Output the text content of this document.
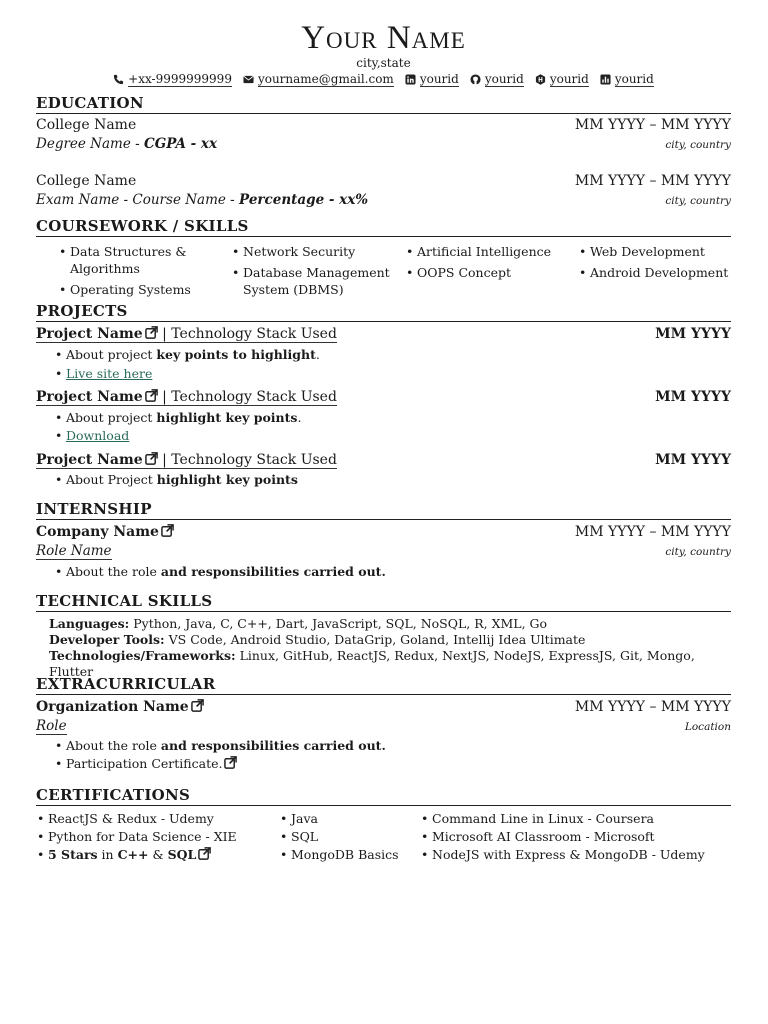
Your Name
city,state
+xx-9999999999 yourname@gmail.com yourid yourid yourid yourid
EDUCATION
College Name	MM YYYY – MM YYYY
Degree Name - CGPA - xx	city, country
College Name	MM YYYY – MM YYYY
Exam Name - Course Name - Percentage - xx%	city, country
COURSEWORK / SKILLS
• Data Structures &
Algorithms
• Operating Systems
• Network Security
• Database Management
System (DBMS)
• Artificial Intelligence
• OOPS Concept
• Web Development
• Android Development
PROJECTS
Project Name | Technology Stack Used	MM YYYY
• About project key points to highlight.
• Live site here
Project Name | Technology Stack Used	MM YYYY
• About project highlight key points.
• Download
Project Name | Technology Stack Used	MM YYYY
• About Project highlight key points
INTERNSHIP
Company Name	MM YYYY – MM YYYY
Role Name	city, country
• About the role and responsibilities carried out.
TECHNICAL SKILLS
Languages: Python, Java, C, C++, Dart, JavaScript, SQL, NoSQL, R, XML, Go
Developer Tools: VS Code, Android Studio, DataGrip, Goland, Intellij Idea Ultimate
Technologies/Frameworks: Linux, GitHub, ReactJS, Redux, NextJS, NodeJS, ExpressJS, Git, Mongo, Flutter
EXTRACURRICULAR
Organization Name	MM YYYY – MM YYYY
Role	Location
• About the role and responsibilities carried out.
• Participation Certificate.
CERTIFICATIONS
• ReactJS & Redux - Udemy
• Python for Data Science - XIE
• 5 Stars in C++ & SQL
• Java
• SQL
• MongoDB Basics
• Command Line in Linux - Coursera
• Microsoft AI Classroom - Microsoft
• NodeJS with Express & MongoDB - Udemy
